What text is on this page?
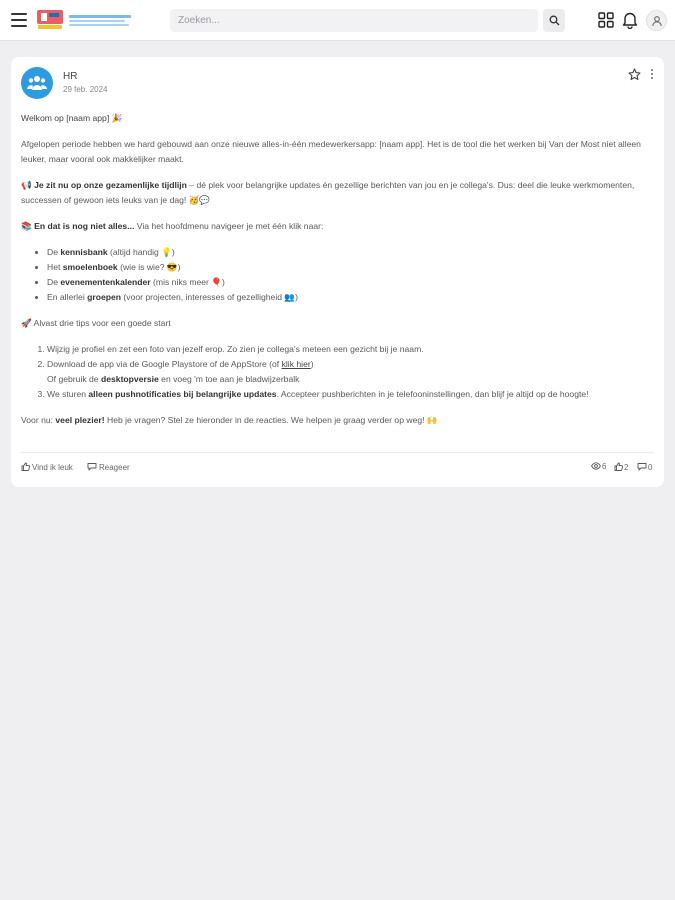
Zoeken...
HR
29 feb. 2024

Welkom op [naam app] 🎉

Afgelopen periode hebben we hard gebouwd aan onze nieuwe alles-in-één medewerkersapp: [naam app]. Het is de tool die het werken bij Van der Most niet alleen leuker, maar vooral ook makkelijker maakt.

📢 Je zit nu op onze gezamenlijke tijdlijn – dé plek voor belangrijke updates én gezellige berichten van jou en je collega's. Dus: deel die leuke werkmomenten, successen of gewoon iets leuks van je dag! 🥳💬

📚 En dat is nog niet alles... Via het hoofdmenu navigeer je met één klik naar:

• De kennisbank (altijd handig 💡)
• Het smoelenboek (wie is wie? 😎)
• De evenementenkalender (mis niks meer 🎈)
• En allerlei groepen (voor projecten, interesses of gezelligheid 👥)

🚀 Alvast drie tips voor een goede start

1. Wijzig je profiel en zet een foto van jezelf erop. Zo zien je collega's meteen een gezicht bij je naam.
2. Download de app via de Google Playstore of de AppStore (of klik hier)
Of gebruik de desktopversie en voeg 'm toe aan je bladwijzerbalk
3. We sturen alleen pushnotificaties bij belangrijke updates. Accepteer pushberichten in je telefooninstellingen, dan blijf je altijd op de hoogte!

Voor nu: veel plezier! Heb je vragen? Stel ze hieronder in de reacties. We helpen je graag verder op weg! 🙌

Vind ik leuk	Reageer	6	2	0
